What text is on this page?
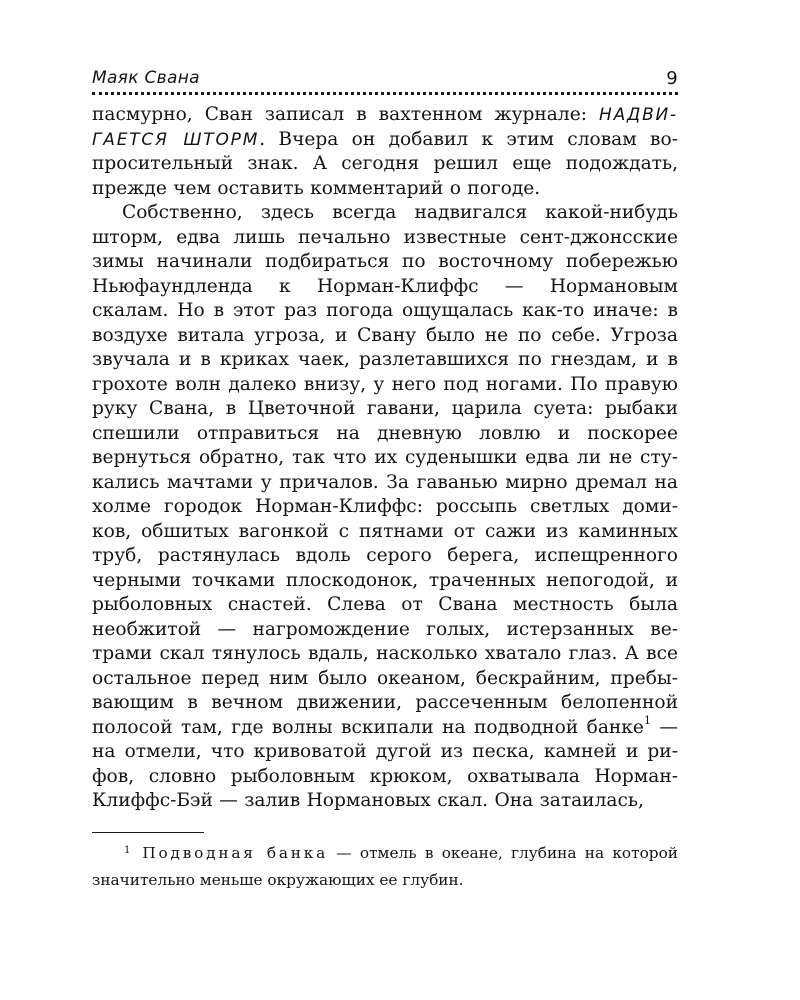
Маяк Свана	9

пасмурно, Сван записал в вахтенном журнале: НАДВИ- ГАЕТСЯ ШТОРМ. Вчера он добавил к этим словам вопросительный знак. А сегодня решил еще подождать, прежде чем оставить комментарий о погоде.

Собственно, здесь всегда надвигался какой-нибудь шторм, едва лишь печально известные сент-джонсские зимы начинали подбираться по восточному побережью Ньюфаундленда к Норман-Клиффс — Нормановым скалам. Но в этот раз погода ощущалась как-то иначе: в воздухе витала угроза, и Свану было не по себе. Угроза звучала и в криках чаек, разлетавшихся по гнездам, и в грохоте волн далеко внизу, у него под ногами. По правую руку Свана, в Цветочной гавани, царила суета: рыбаки спешили отправиться на дневную ловлю и поскорее вернуться обратно, так что их суденышки едва ли не стукались мачтами у причалов. За гаванью мирно дремал на холме городок Норман-Клиффс: россыпь светлых домиков, обшитых вагонкой с пятнами от сажи из каминных труб, растянулась вдоль серого берега, испещренного черными точками плоскодонок, траченных непогодой, и рыболовных снастей. Слева от Свана местность была необжитой — нагромождение голых, истерзанных ветрами скал тянулось вдаль, насколько хватало глаз. А все остальное перед ним было океаном, бескрайним, пребывающим в вечном движении, рассеченным белопенной полосой там, где волны вскипали на подводной банке$^1$ — на отмели, что кривоватой дугой из песка, камней и рифов, словно рыболовным крюком, охватывала Норман-Клиффс-Бэй — залив Нормановых скал. Она затаилась,

$^1$ Подводная банка — отмель в океане, глубина на которой значительно меньше окружающих ее глубин.
